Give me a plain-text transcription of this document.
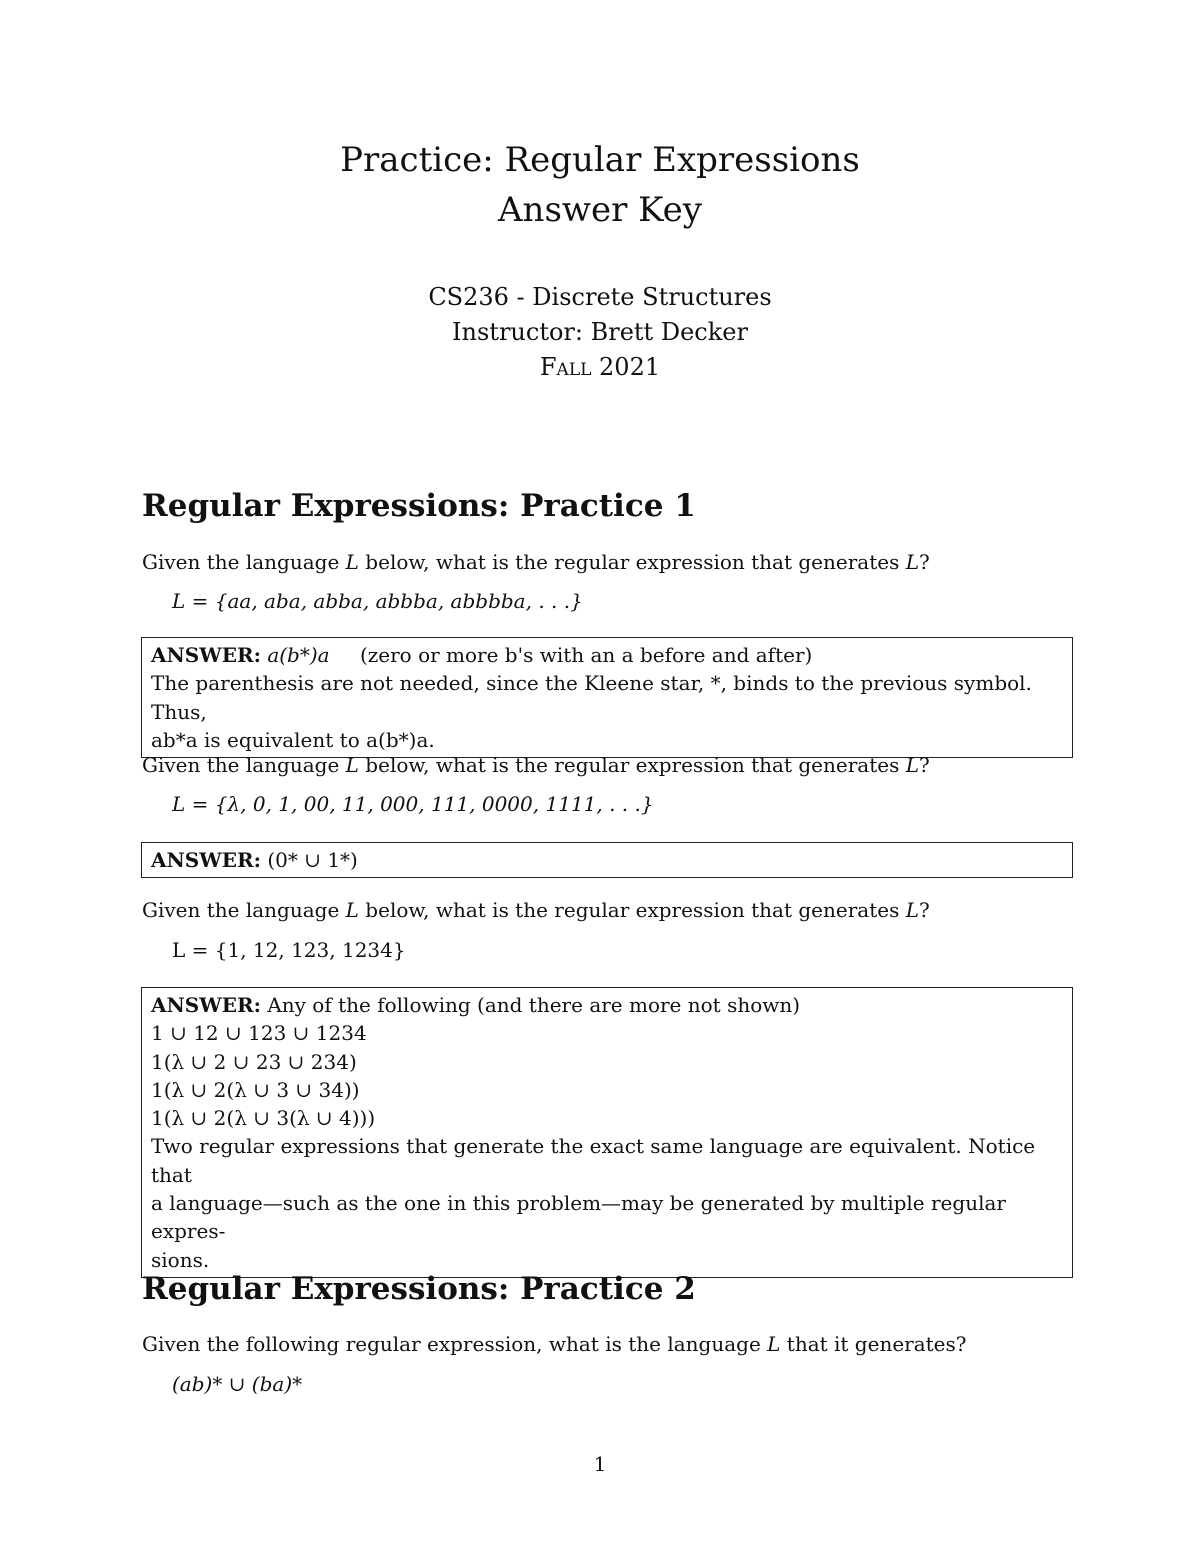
Practice: Regular Expressions
Answer Key
CS236 - Discrete Structures
Instructor: Brett Decker
Fall 2021
Regular Expressions: Practice 1
Given the language L below, what is the regular expression that generates L?
L = {aa, aba, abba, abbba, abbbba, . . .}
ANSWER: a(b*)a (zero or more b's with an a before and after)
The parenthesis are not needed, since the Kleene star, *, binds to the previous symbol. Thus,
ab*a is equivalent to a(b*)a.
Given the language L below, what is the regular expression that generates L?
L = {λ, 0, 1, 00, 11, 000, 111, 0000, 1111, . . .}
ANSWER: (0* ∪ 1*)
Given the language L below, what is the regular expression that generates L?
L = {1, 12, 123, 1234}
ANSWER: Any of the following (and there are more not shown)
1 ∪ 12 ∪ 123 ∪ 1234
1(λ ∪ 2 ∪ 23 ∪ 234)
1(λ ∪ 2(λ ∪ 3 ∪ 34))
1(λ ∪ 2(λ ∪ 3(λ ∪ 4)))
Two regular expressions that generate the exact same language are equivalent. Notice that
a language—such as the one in this problem—may be generated by multiple regular expres-
sions.
Regular Expressions: Practice 2
Given the following regular expression, what is the language L that it generates?
(ab)* ∪ (ba)*
1
